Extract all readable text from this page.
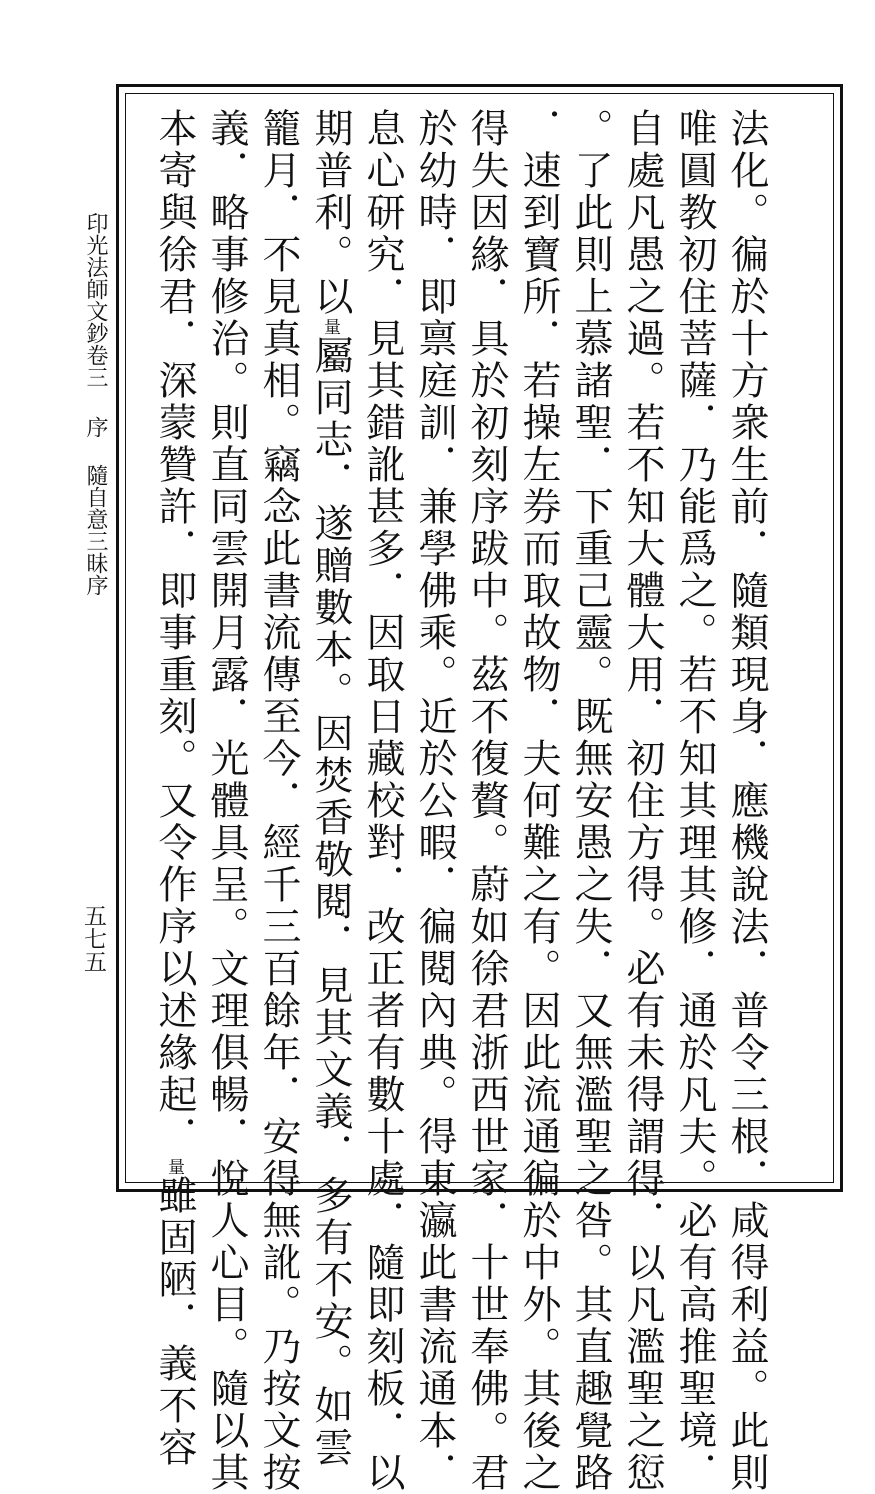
印光法師文鈔卷三
序
隨自意三昧序
五七五	法化。徧於十方衆生前．隨類現身．應機說法．普令三根．咸得利益。此則
唯圓教初住菩薩．乃能爲之。若不知其理其修．通於凡夫。必有高推聖境．
自處凡愚之過。若不知大體大用．初住方得。必有未得謂得．以凡濫聖之愆
。了此則上慕諸聖．下重己靈。既無安愚之失．又無濫聖之咎。其直趣覺路
．速到寶所．若操左券而取故物．夫何難之有。因此流通徧於中外。其後之
得失因緣．具於初刻序跋中。茲不復贅。蔚如徐君浙西世家．十世奉佛。君
於幼時．即禀庭訓．兼學佛乘。近於公暇．徧閱內典。得東瀛此書流通本．
息心研究．見其錯訛甚多．因取日藏校對．改正者有數十處．隨即刻板．以
期普利。以量屬同志．遂贈數本。因焚香敬閱．見其文義．多有不安。如雲
籠月．不見真相。竊念此書流傳至今．經千三百餘年．安得無訛。乃按文按
義．略事修治。則直同雲開月露．光體具呈。文理俱暢．悅人心目。隨以其
本寄與徐君．深蒙贊許．即事重刻。又令作序以述緣起．量雖固陋．義不容
